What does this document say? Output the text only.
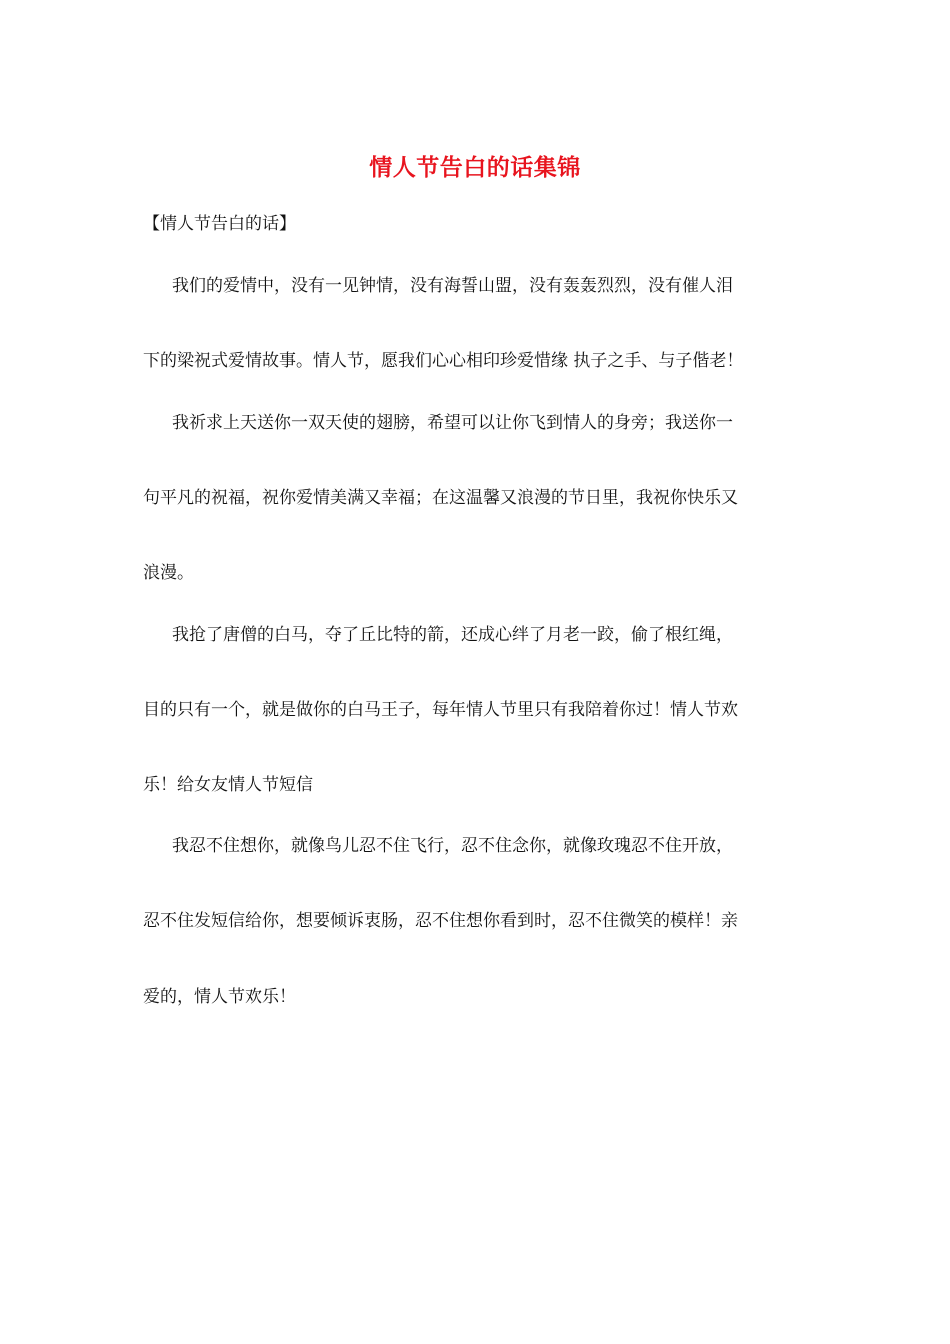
情人节告白的话集锦
【情人节告白的话】
我们的爱情中，没有一见钟情，没有海誓山盟，没有轰轰烈烈，没有催人泪
下的梁祝式爱情故事。情人节，愿我们心心相印珍爱惜缘 执子之手、与子偕老！
我祈求上天送你一双天使的翅膀，希望可以让你飞到情人的身旁；我送你一
句平凡的祝福，祝你爱情美满又幸福；在这温馨又浪漫的节日里，我祝你快乐又
浪漫。
我抢了唐僧的白马，夺了丘比特的箭，还成心绊了月老一跤，偷了根红绳，
目的只有一个，就是做你的白马王子，每年情人节里只有我陪着你过！情人节欢
乐！给女友情人节短信
我忍不住想你，就像鸟儿忍不住飞行，忍不住念你，就像玫瑰忍不住开放，
忍不住发短信给你，想要倾诉衷肠，忍不住想你看到时，忍不住微笑的模样！亲
爱的，情人节欢乐！
